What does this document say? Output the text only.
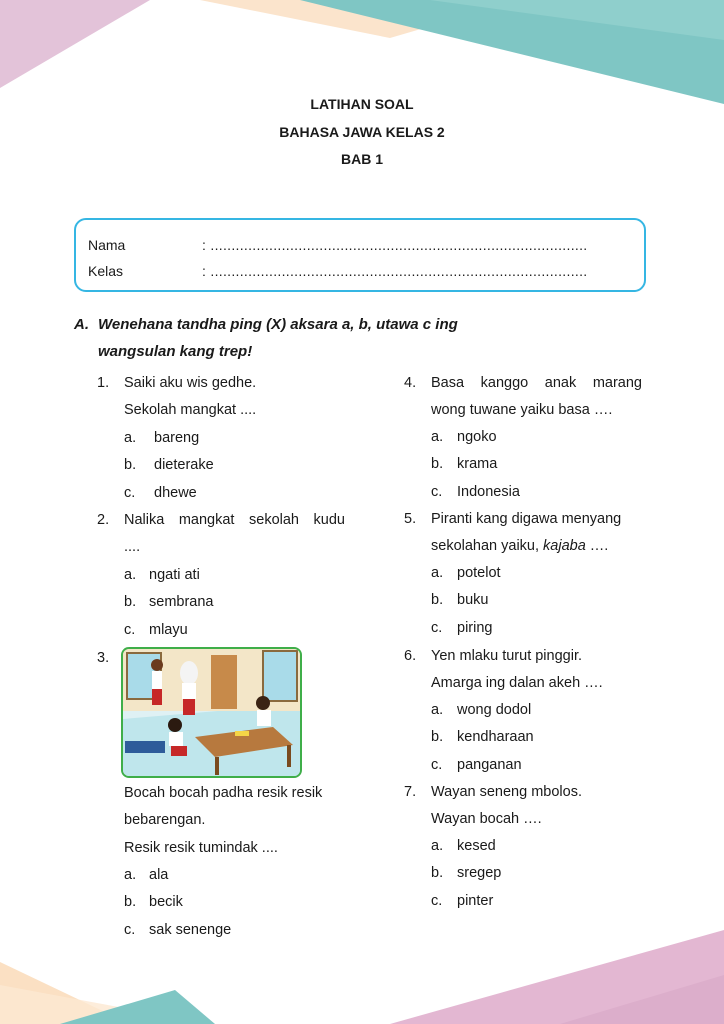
LATIHAN SOAL
BAHASA JAWA KELAS 2
BAB 1
Nama	: ..........................................................................................
Kelas	: ..........................................................................................
A. Wenehana tandha ping (X) aksara a, b, utawa c ing
wangsulan kang trep!
1.	Saiki aku wis gedhe.
Sekolah mangkat ....
a. bareng
b. dieterake
c. dhewe
2.	Nalika mangkat sekolah kudu
....
a. ngati ati
b. sembrana
c. mlayu
3.
Bocah bocah padha resik resik
bebarengan.
Resik resik tumindak ....
a. ala
b. becik
c. sak senenge
4.	Basa kanggo anak marang
wong tuwane yaiku basa ….
a. ngoko
b. krama
c. Indonesia
5.	Piranti kang digawa menyang
sekolahan yaiku, kajaba ….
a. potelot
b. buku
c. piring
6.	Yen mlaku turut pinggir.
Amarga ing dalan akeh ….
a. wong dodol
b. kendharaan
c. panganan
7.	Wayan seneng mbolos.
Wayan bocah ….
a. kesed
b. sregep
c. pinter
